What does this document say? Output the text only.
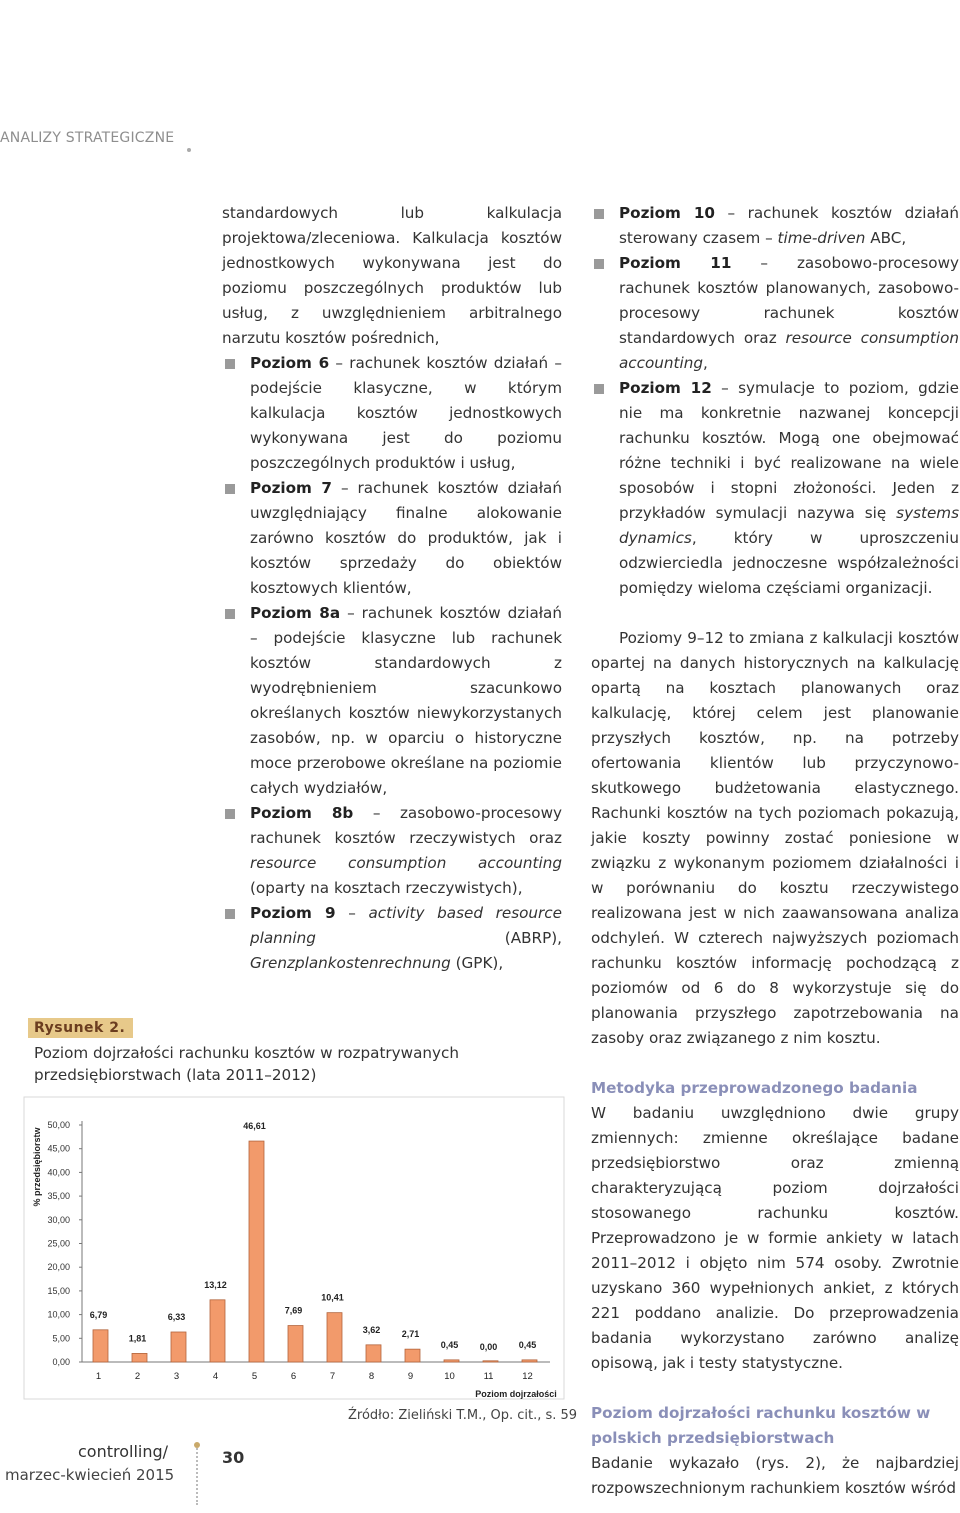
ANALIZY STRATEGICZNE

standardowych lub kalkulacja projektowa/zleceniowa. Kalkulacja kosztów jednostkowych wykonywana jest do poziomu poszczególnych produktów lub usług, z uwzględnieniem arbitralnego narzutu kosztów pośrednich,

Poziom 6 – rachunek kosztów działań – podejście klasyczne, w którym kalkulacja kosztów jednostkowych wykonywana jest do poziomu poszczególnych produktów i usług,
Poziom 7 – rachunek kosztów działań uwzględniający finalne alokowanie zarówno kosztów do produktów, jak i kosztów sprzedaży do obiektów kosztowych klientów,
Poziom 8a – rachunek kosztów działań – podejście klasyczne lub rachunek kosztów standardowych z wyodrębnieniem szacunkowo określanych kosztów niewykorzystanych zasobów, np. w oparciu o historyczne moce przerobowe określane na poziomie całych wydziałów,
Poziom 8b – zasobowo-procesowy rachunek kosztów rzeczywistych oraz resource consumption accounting (oparty na kosztach rzeczywistych),
Poziom 9 – activity based resource planning (ABRP), Grenzplankostenrechnung (GPK),
Poziom 10 – rachunek kosztów działań sterowany czasem – time-driven ABC,
Poziom 11 – zasobowo-procesowy rachunek kosztów planowanych, zasobowo-procesowy rachunek kosztów standardowych oraz resource consumption accounting,
Poziom 12 – symulacje to poziom, gdzie nie ma konkretnie nazwanej koncepcji rachunku kosztów. Mogą one obejmować różne techniki i być realizowane na wiele sposobów i stopni złożoności. Jeden z przykładów symulacji nazywa się systems dynamics, który w uproszczeniu odzwierciedla jednoczesne współzależności pomiędzy wieloma częściami organizacji.

Poziomy 9–12 to zmiana z kalkulacji kosztów opartej na danych historycznych na kalkulację opartą na kosztach planowanych oraz kalkulację, której celem jest planowanie przyszłych kosztów, np. na potrzeby ofertowania klientów lub przyczynowo-skutkowego budżetowania elastycznego. Rachunki kosztów na tych poziomach pokazują, jakie koszty powinny zostać poniesione w związku z wykonanym poziomem działalności i w porównaniu do kosztu rzeczywistego realizowana jest w nich zaawansowana analiza odchyleń. W czterech najwyższych poziomach rachunku kosztów informację pochodzącą z poziomów od 6 do 8 wykorzystuje się do planowania przyszłego zapotrzebowania na zasoby oraz związanego z nim kosztu.

Metodyka przeprowadzonego badania

W badaniu uwzględniono dwie grupy zmiennych: zmienne określające badane przedsiębiorstwo oraz zmienną charakteryzującą poziom dojrzałości stosowanego rachunku kosztów. Przeprowadzono je w formie ankiety w latach 2011–2012 i objęto nim 574 osoby. Zwrotnie uzyskano 360 wypełnionych ankiet, z których 221 poddano analizie. Do przeprowadzenia badania wykorzystano zarówno analizę opisową, jak i testy statystyczne.

Poziom dojrzałości rachunku kosztów w polskich przedsiębiorstwach

Badanie wykazało (rys. 2), że najbardziej rozpowszechnionym rachunkiem kosztów wśród

Rysunek 2.
Poziom dojrzałości rachunku kosztów w rozpatrywanych przedsiębiorstwach (lata 2011–2012)
% przedsiębiorstw
0,00
5,00
10,00
15,00
20,00
25,00
30,00
35,00
40,00
45,00
50,00
6,79
1
1,81
2
6,33
3
13,12
4
46,61
5
7,69
6
10,41
7
3,62
8
2,71
9
0,45
10
0,00
11
0,45
12
Poziom dojrzałości
Źródło: Zieliński T.M., Op. cit., s. 59
controlling/
marzec-kwiecień 2015
30
